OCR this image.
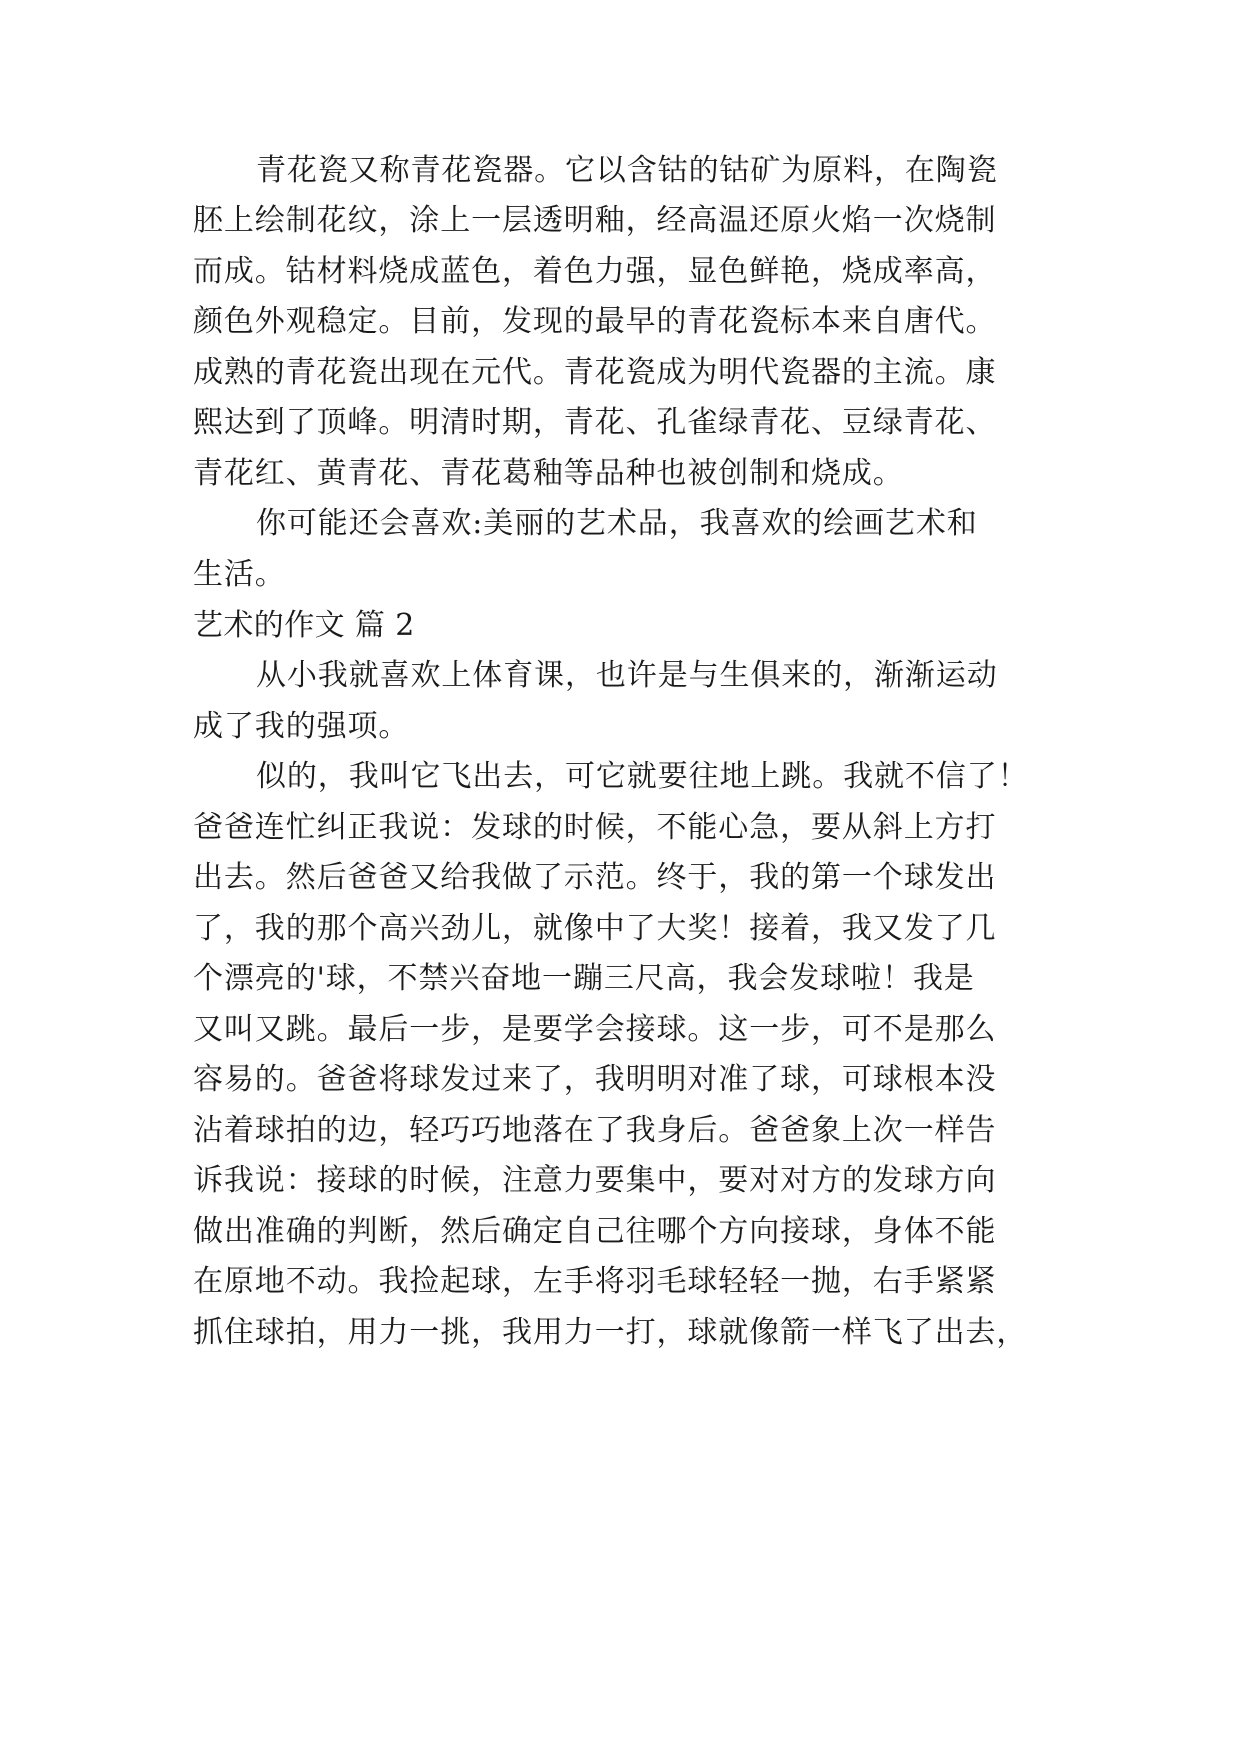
青花瓷又称青花瓷器。它以含钴的钴矿为原料，在陶瓷
胚上绘制花纹，涂上一层透明釉，经高温还原火焰一次烧制
而成。钴材料烧成蓝色，着色力强，显色鲜艳，烧成率高，
颜色外观稳定。目前，发现的最早的青花瓷标本来自唐代。
成熟的青花瓷出现在元代。青花瓷成为明代瓷器的主流。康
熙达到了顶峰。明清时期，青花、孔雀绿青花、豆绿青花、
青花红、黄青花、青花葛釉等品种也被创制和烧成。
你可能还会喜欢:美丽的艺术品，我喜欢的绘画艺术和
生活。
艺术的作文 篇 2
从小我就喜欢上体育课，也许是与生俱来的，渐渐运动
成了我的强项。
似的，我叫它飞出去，可它就要往地上跳。我就不信了！
爸爸连忙纠正我说：发球的时候，不能心急，要从斜上方打
出去。然后爸爸又给我做了示范。终于，我的第一个球发出
了，我的那个高兴劲儿，就像中了大奖！接着，我又发了几
个漂亮的'球，不禁兴奋地一蹦三尺高，我会发球啦！我是
又叫又跳。最后一步，是要学会接球。这一步，可不是那么
容易的。爸爸将球发过来了，我明明对准了球，可球根本没
沾着球拍的边，轻巧巧地落在了我身后。爸爸象上次一样告
诉我说：接球的时候，注意力要集中，要对对方的发球方向
做出准确的判断，然后确定自己往哪个方向接球，身体不能
在原地不动。我捡起球，左手将羽毛球轻轻一抛，右手紧紧
抓住球拍，用力一挑，我用力一打，球就像箭一样飞了出去，
